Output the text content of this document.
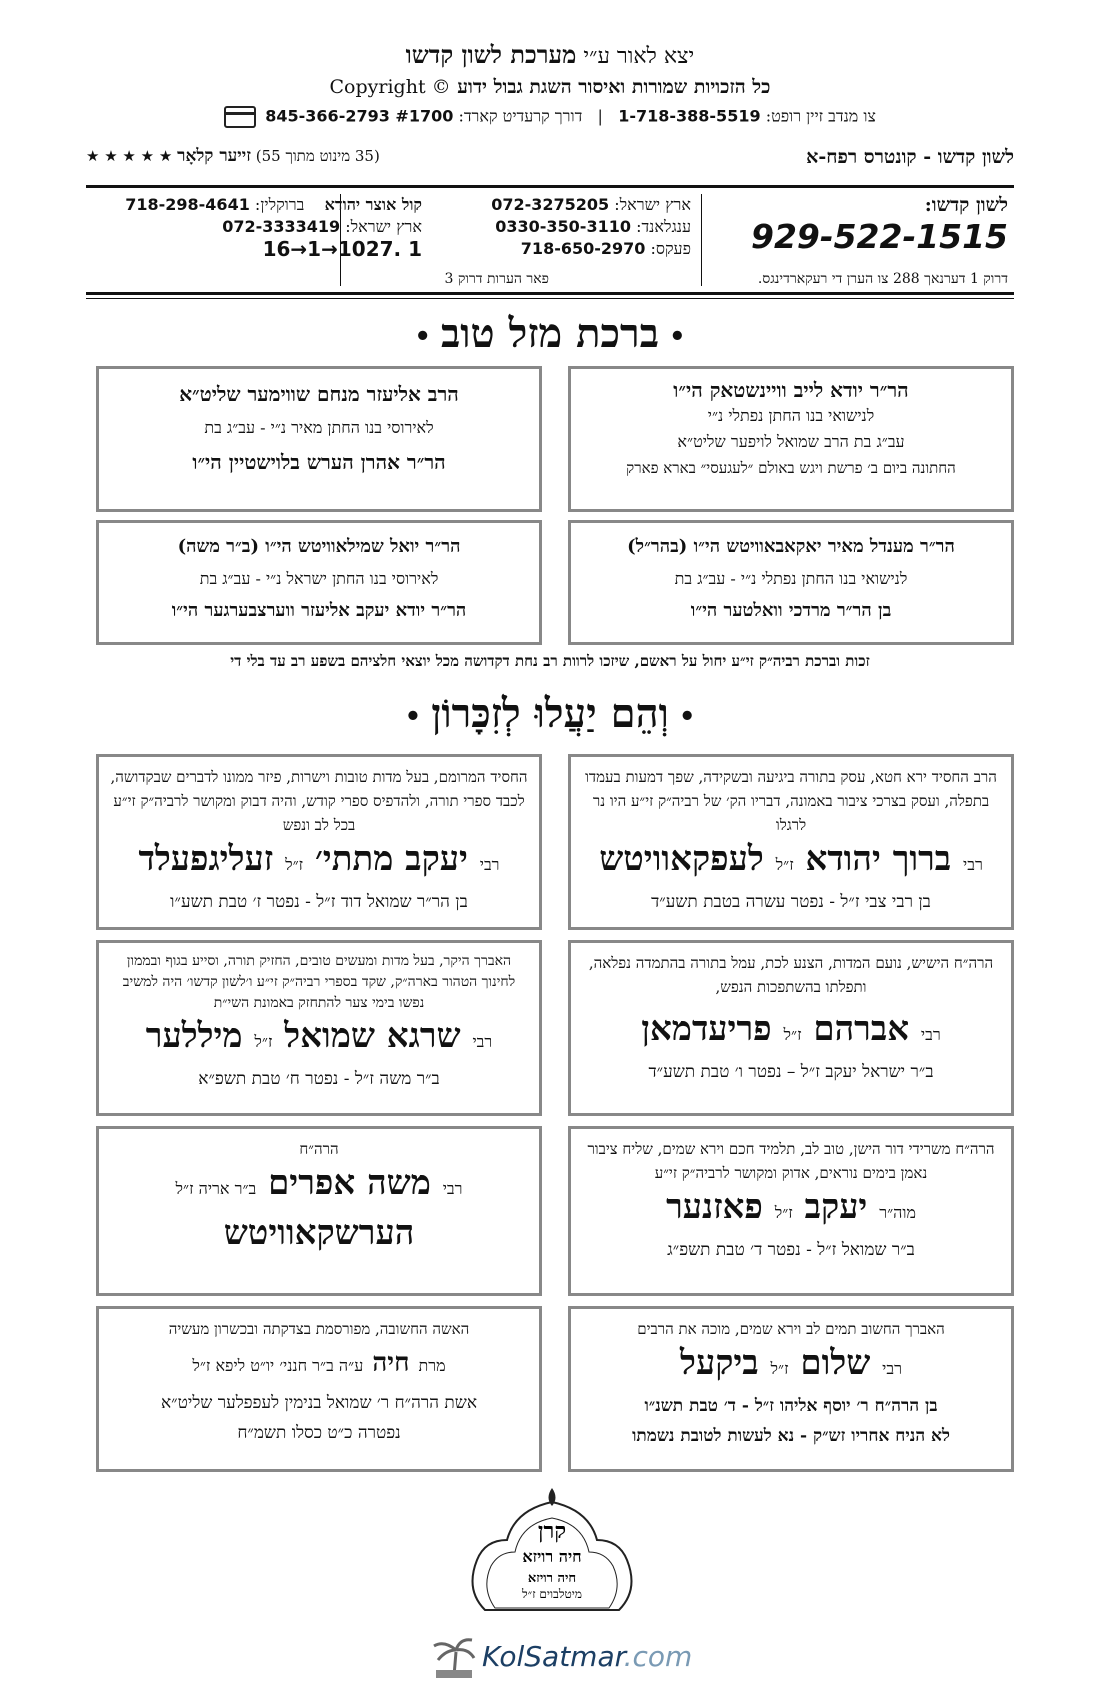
יצא לאור ע״י מערכת לשון קדשו
כל הזכויות שמורות ואיסור השגת גבול ידוע Copyright ©
צו מנדב זיין רופט: 1-718-388-5519   |   דורך קרעדיט קארד: 845-366-2793 #1700
לשון קדשו - קונטרס רפח-א
(35 מינוט מתוך 55) זייער קלאָר ★ ★ ★ ★ ★
לשון קדשו:
929-522-1515
ארץ ישראל: 072-3275205
ענגלאנד: 0330-350-3110
פעקס: 718-650-2970
קול אוצר יהודא    ברוקלין: 718-298-4641
ארץ ישראל: 072-3333419
16→1→1027. 1
דרוק 1 דערנאך 288 צו הערן די רעקארדינגס.
פאר הערות דרוק 3
•ברכת מזל טוב•
הר״ר יודא לייב וויינשטאק הי״ו
לנישואי בנו החתן נפתלי נ״י
עב״ג בת הרב שמואל לויפער שליט״א
החתונה ביום ב׳ פרשת ויגש באולם ״לעגעסי״ בארא פארק
הרב אליעזר מנחם שווימער שליט״א
לאירוסי בנו החתן מאיר נ״י - עב״ג בת
הר״ר אהרן הערש בלוישטיין הי״ו
הר״ר מענדל מאיר יאקאבאוויטש הי״ו (בהר״ל)
לנישואי בנו החתן נפתלי נ״י - עב״ג בת
בן הר״ר מרדכי וואלטער הי״ו
הר״ר יואל שמילאוויטש הי״ו (ב״ר משה)
לאירוסי בנו החתן ישראל נ״י - עב״ג בת
הר״ר יודא יעקב אליעזר ווערצבערגער הי״ו
זכות וברכת רביה״ק זי״ע יחול על ראשם, שיזכו לרוות רב נחת דקדושה מכל יוצאי חלציהם בשפע רב עד בלי די
•וְהֵם יַעֲלוּ לְזִכָּרוֹן•
הרב החסיד ירא חטא, עסק בתורה ביגיעה ובשקידה, שפך דמעות בעמדו בתפלה, ועסק בצרכי ציבור באמונה, דבריו הק׳ של רביה״ק זי״ע היו נר לרגלו
רבי ברוך יהודא ז״ל לעפקאוויטש
בן רבי צבי ז״ל - נפטר עשרה בטבת תשע״ד
החסיד המרומם, בעל מדות טובות וישרות, פיזר ממונו לדברים שבקדושה, לכבד ספרי תורה, ולהדפיס ספרי קודש, והיה דבוק ומקושר לרביה״ק זי״ע בכל לב ונפש
רבי יעקב מתתי׳ ז״ל זעליגפעלד
בן הר״ר שמואל דוד ז״ל - נפטר ז׳ טבת תשע״ו
הרה״ח הישיש, נועם המדות, הצנע לכת, עמל בתורה בהתמדה נפלאה, ותפלתו בהשתפכות הנפש,
רבי אברהם ז״ל פריעדמאן
ב״ר ישראל יעקב ז״ל – נפטר ו׳ טבת תשע״ד
האברך היקר, בעל מדות ומעשים טובים, החזיק תורה, וסייע בגוף ובממון לחינוך הטהור בארה״ק, שקד בספרי רביה״ק זי״ע ו׳לשון קדשו׳ היה למשיב נפשו בימי צער להתחזק באמונת השי״ת
רבי שרגא שמואל ז״ל מיללער
ב״ר משה ז״ל - נפטר ח׳ טבת תשפ״א
הרה״ח משרידי דור הישן, טוב לב, תלמיד חכם וירא שמים, שליח ציבור נאמן בימים נוראים, אדוק ומקושר לרביה״ק זי״ע
מוה״ר יעקב ז״ל פאזנער
ב״ר שמואל ז״ל - נפטר ד׳ טבת תשפ״ג
הרה״ח
רבי משה אפרים ב״ר אריה ז״ל
הערשקאוויטש
האברך החשוב תמים לב וירא שמים, מוכה את הרבים
רבי שלום ז״ל ביקעל
בן הרה״ח ר׳ יוסף אליהו ז״ל - ד׳ טבת תשנ״ו
לא הניח אחריו זש״ק - נא לעשות לטובת נשמתו
האשה החשובה, מפורסמת בצדקתה ובכשרון מעשיה
מרת חיה ע״ה ב״ר חנני׳ יו״ט ליפא ז״ל
אשת הרה״ח ר׳ שמואל בנימין לעפפלער שליט״א
נפטרה כ״ט כסלו תשמ״ח
קרן
חיה רויזא
חיה רויזא
מיטלבוים ז״ל
KolSatmar.com
